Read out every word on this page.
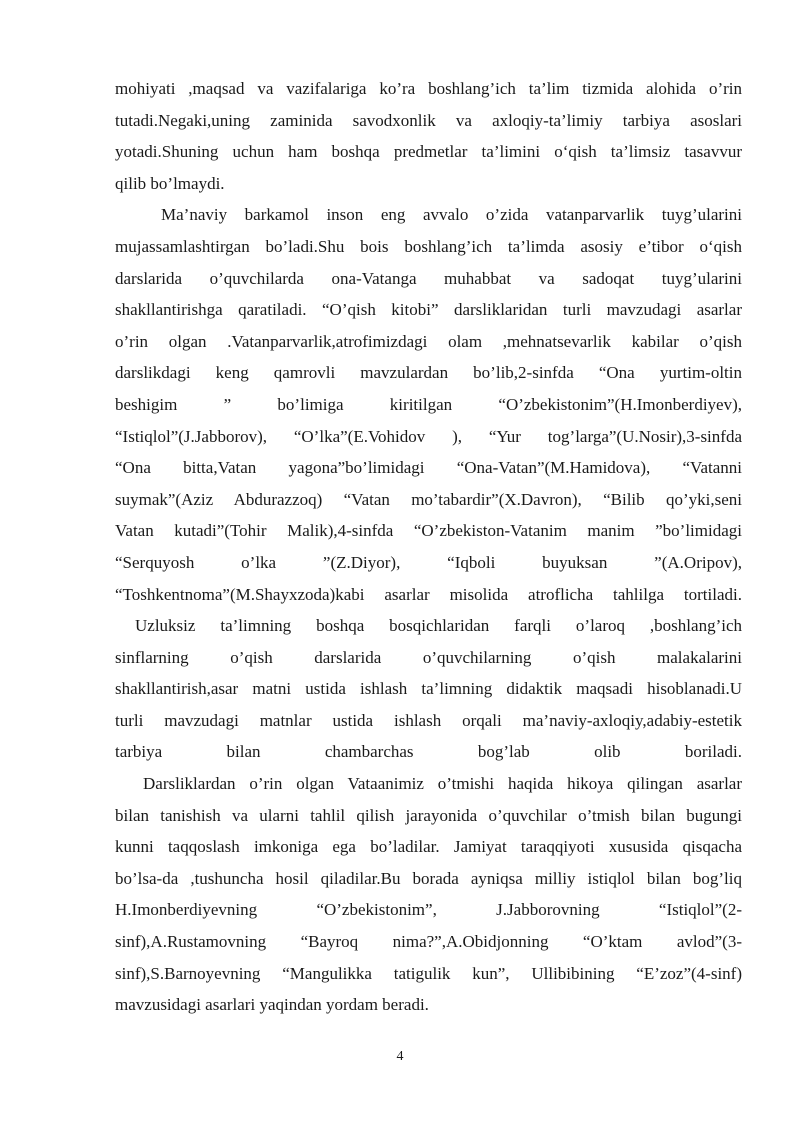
mohiyati ,maqsad va vazifalariga ko’ra boshlang’ich ta’lim tizmida alohida o’rin
tutadi.Negaki,uning zaminida savodxonlik va axloqiy-ta’limiy tarbiya asoslari
yotadi.Shuning uchun ham boshqa predmetlar ta’limini oʻqish ta’limsiz tasavvur
qilib bo’lmaydi.
Ma’naviy barkamol inson eng avvalo o’zida vatanparvarlik tuyg’ularini
mujassamlashtirgan bo’ladi.Shu bois boshlang’ich ta’limda asosiy e’tibor oʻqish
darslarida o’quvchilarda ona-Vatanga muhabbat va sadoqat tuyg’ularini
shakllantirishga qaratiladi. “O’qish kitobi” darsliklaridan turli mavzudagi asarlar
o’rin olgan .Vatanparvarlik,atrofimizdagi olam ,mehnatsevarlik kabilar o’qish
darslikdagi keng qamrovli mavzulardan bo’lib,2-sinfda “Ona yurtim-oltin
beshigim ” bo’limiga kiritilgan “O’zbekistonim”(H.Imonberdiyev),
“Istiqlol”(J.Jabborov), “O’lka”(E.Vohidov ), “Yur tog’larga”(U.Nosir),3-sinfda
“Ona bitta,Vatan yagona”bo’limidagi “Ona-Vatan”(M.Hamidova), “Vatanni
suymak”(Aziz Abdurazzoq) “Vatan mo’tabardir”(X.Davron), “Bilib qo’yki,seni
Vatan kutadi”(Tohir Malik),4-sinfda “O’zbekiston-Vatanim manim ”bo’limidagi
“Serquyosh o’lka ”(Z.Diyor), “Iqboli buyuksan ”(A.Oripov),
“Toshkentnoma”(M.Shayxzoda)kabi asarlar misolida atroflicha tahlilga tortiladi.
Uzluksiz ta’limning boshqa bosqichlaridan farqli o’laroq ,boshlang’ich
sinflarning o’qish darslarida o’quvchilarning o’qish malakalarini
shakllantirish,asar matni ustida ishlash ta’limning didaktik maqsadi hisoblanadi.U
turli mavzudagi matnlar ustida ishlash orqali ma’naviy-axloqiy,adabiy-estetik
tarbiya bilan chambarchas bog’lab olib boriladi.
Darsliklardan o’rin olgan Vataanimiz o’tmishi haqida hikoya qilingan asarlar
bilan tanishish va ularni tahlil qilish jarayonida o’quvchilar o’tmish bilan bugungi
kunni taqqoslash imkoniga ega bo’ladilar. Jamiyat taraqqiyoti xususida qisqacha
bo’lsa-da ,tushuncha hosil qiladilar.Bu borada ayniqsa milliy istiqlol bilan bog’liq
H.Imonberdiyevning “O’zbekistonim”, J.Jabborovning “Istiqlol”(2-
sinf),A.Rustamovning “Bayroq nima?”,A.Obidjonning “O’ktam avlod”(3-
sinf),S.Barnoyevning “Mangulikka tatigulik kun”, Ullibibining “E’zoz”(4-sinf)
mavzusidagi asarlari yaqindan yordam beradi.
4
